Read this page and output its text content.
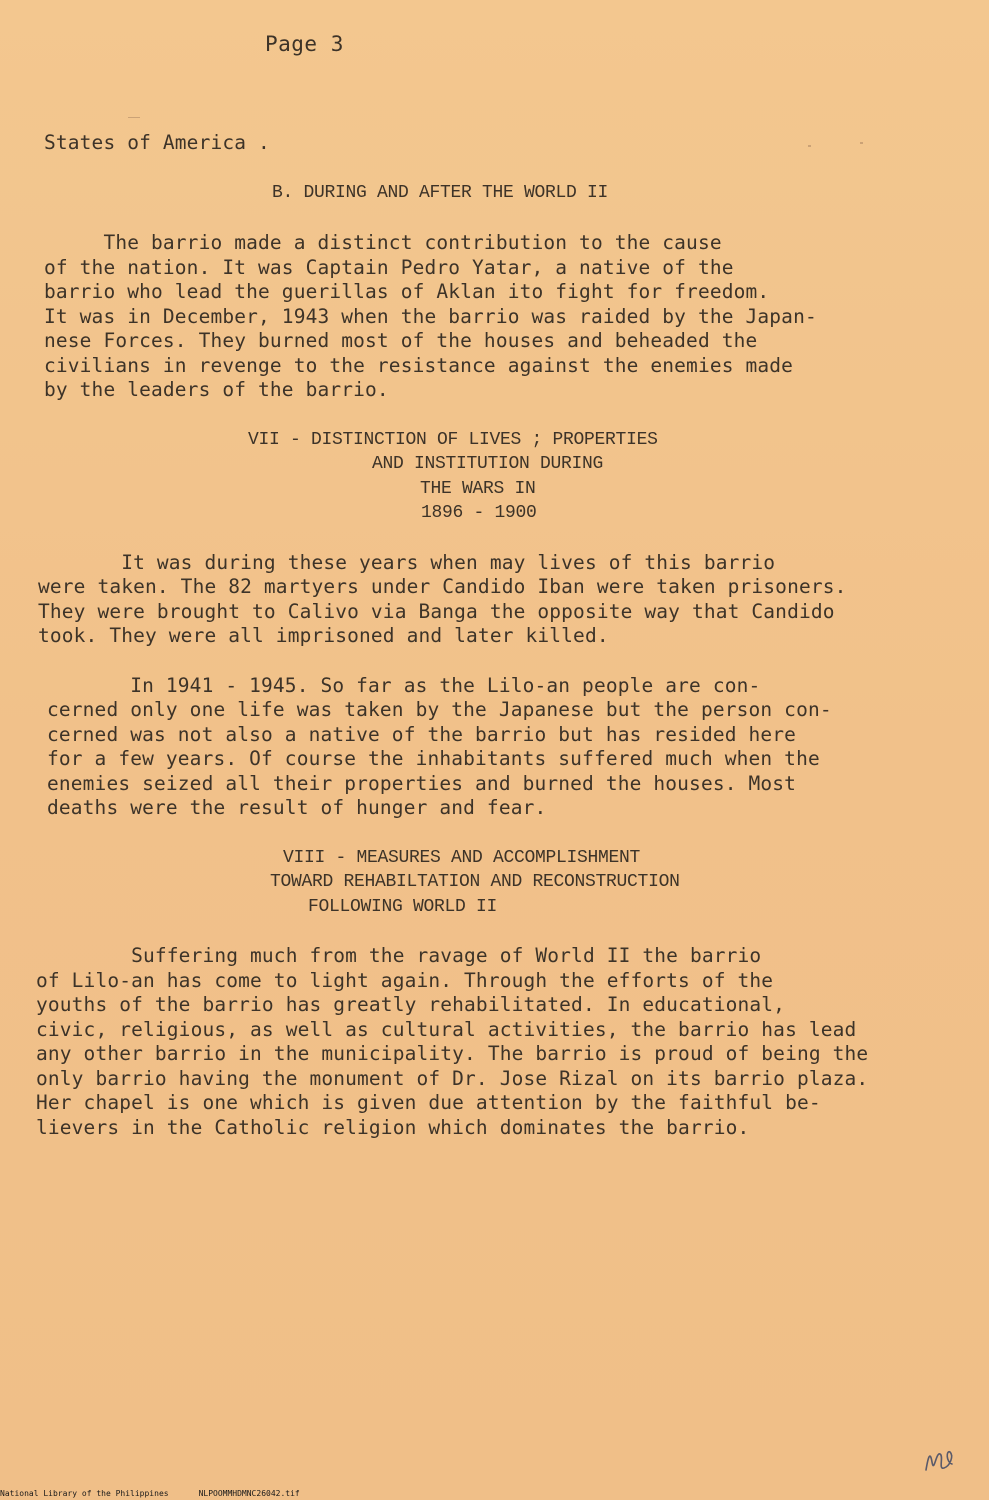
Page 3
States of America .
B. DURING AND AFTER THE WORLD II
The barrio made a distinct contribution to the cause
of the nation. It was Captain Pedro Yatar, a native of the
barrio who lead the guerillas of Aklan ito fight for freedom.
It was in December, 1943 when the barrio was raided by the Japan-
nese Forces. They burned most of the houses and beheaded the
civilians in revenge to the resistance against the enemies made
by the leaders of the barrio.
VII - DISTINCTION OF LIVES ; PROPERTIES
AND INSTITUTION DURING
THE WARS IN
1896 - 1900
It was during these years when may lives of this barrio
were taken. The 82 martyers under Candido Iban were taken prisoners.
They were brought to Calivo via Banga the opposite way that Candido
took. They were all imprisoned and later killed.
In 1941 - 1945. So far as the Lilo-an people are con-
cerned only one life was taken by the Japanese but the person con-
cerned was not also a native of the barrio but has resided here
for a few years. Of course the inhabitants suffered much when the
enemies seized all their properties and burned the houses. Most
deaths were the result of hunger and fear.
VIII - MEASURES AND ACCOMPLISHMENT
TOWARD REHABILTATION AND RECONSTRUCTION
FOLLOWING WORLD II
Suffering much from the ravage of World II the barrio
of Lilo-an has come to light again. Through the efforts of the
youths of the barrio has greatly rehabilitated. In educational,
civic, religious, as well as cultural activities, the barrio has lead
any other barrio in the municipality. The barrio is proud of being the
only barrio having the monument of Dr. Jose Rizal on its barrio plaza.
Her chapel is one which is given due attention by the faithful be-
lievers in the Catholic religion which dominates the barrio.
National Library of the Philippines	NLPOOMMHDMNC26042.tif
